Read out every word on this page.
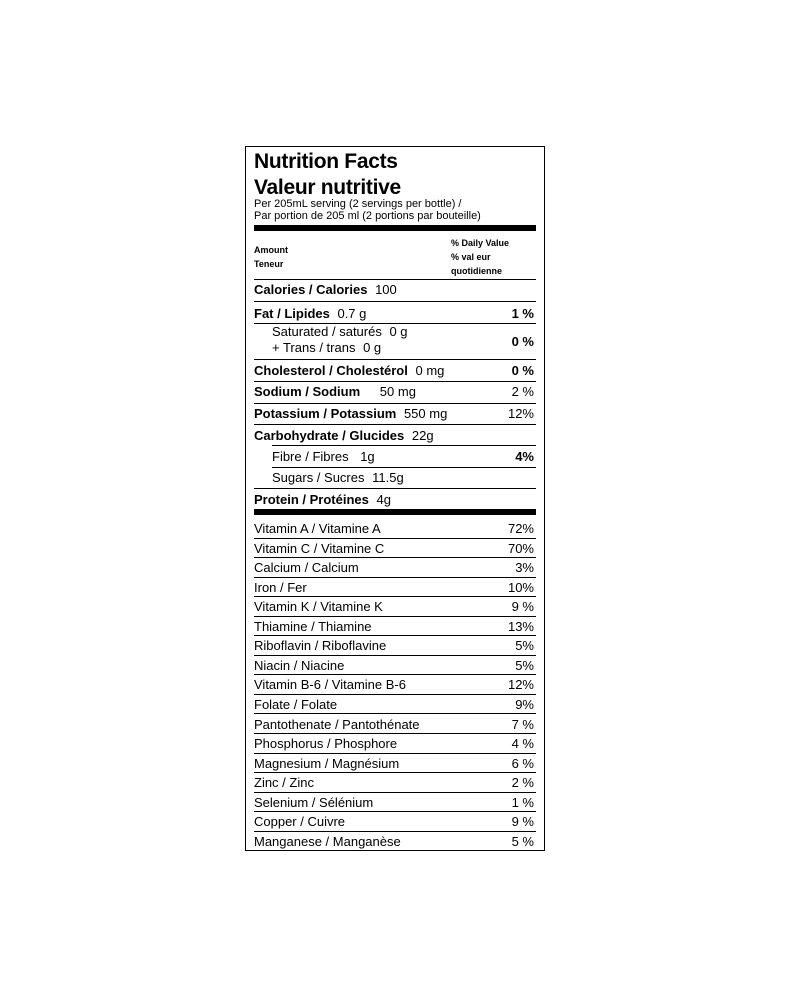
Nutrition Facts
Valeur nutritive
Per 205mL serving (2 servings per bottle) /
Par portion de 205 ml (2 portions par bouteille)
Amount
Teneur
% Daily Value
% val eur
quotidienne
Calories / Calories 100
Fat / Lipides 0.7 g	1 %
Saturated / saturés 0 g
+ Trans / trans 0 g	0 %
Cholesterol / Cholestérol 0 mg	0 %
Sodium / Sodium 50 mg	2 %
Potassium / Potassium 550 mg	12%
Carbohydrate / Glucides 22g
Fibre / Fibres 1g	4%
Sugars / Sucres 11.5g
Protein / Protéines 4g
Vitamin A / Vitamine A	72%
Vitamin C / Vitamine C	70%
Calcium / Calcium	3%
Iron / Fer	10%
Vitamin K / Vitamine K	9 %
Thiamine / Thiamine	13%
Riboflavin / Riboflavine	5%
Niacin / Niacine	5%
Vitamin B-6 / Vitamine B-6	12%
Folate / Folate	9%
Pantothenate / Pantothénate	7 %
Phosphorus / Phosphore	4 %
Magnesium / Magnésium	6 %
Zinc / Zinc	2 %
Selenium / Sélénium	1 %
Copper / Cuivre	9 %
Manganese / Manganèse	5 %
